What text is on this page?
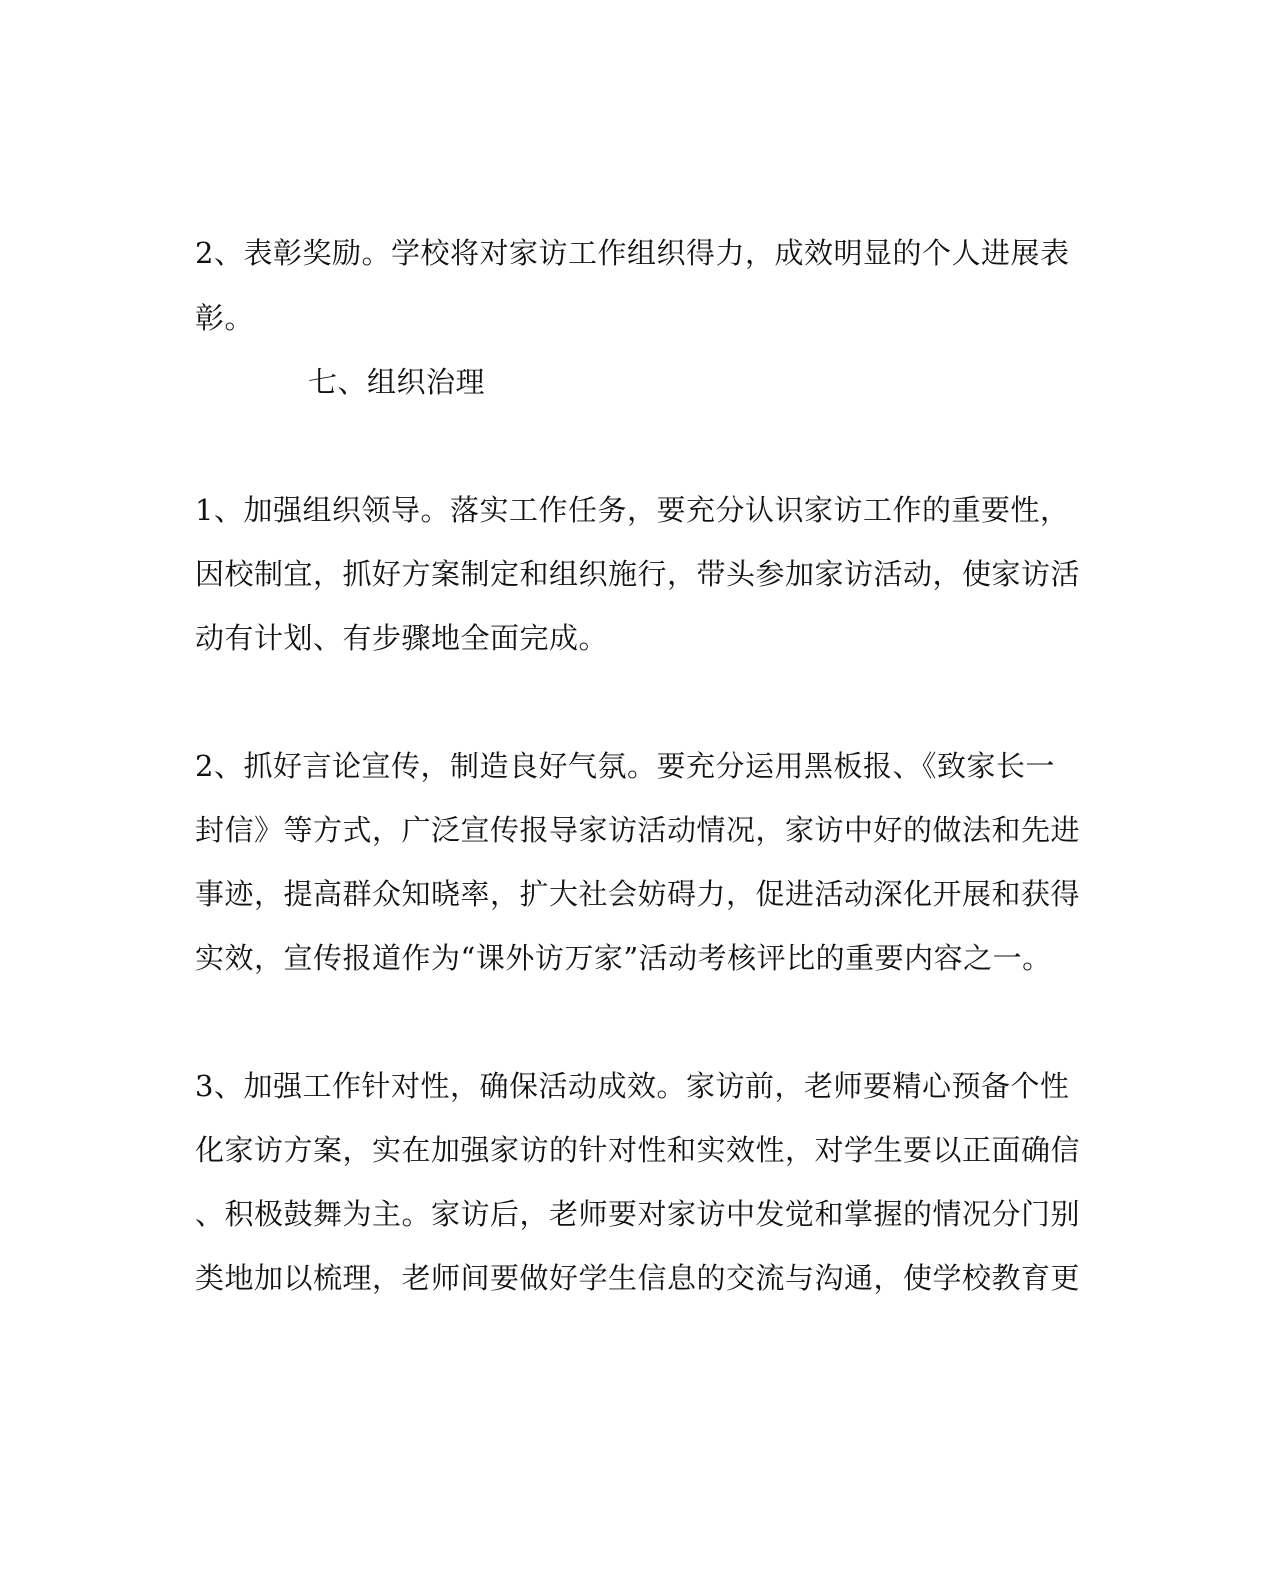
2、表彰奖励。学校将对家访工作组织得力，成效明显的个人进展表
彰。
七、组织治理
1、加强组织领导。落实工作任务，要充分认识家访工作的重要性，
因校制宜，抓好方案制定和组织施行，带头参加家访活动，使家访活
动有计划、有步骤地全面完成。
2、抓好言论宣传，制造良好气氛。要充分运用黑板报、《致家长一
封信》等方式，广泛宣传报导家访活动情况，家访中好的做法和先进
事迹，提高群众知晓率，扩大社会妨碍力，促进活动深化开展和获得
实效，宣传报道作为“课外访万家”活动考核评比的重要内容之一。
3、加强工作针对性，确保活动成效。家访前，老师要精心预备个性
化家访方案，实在加强家访的针对性和实效性，对学生要以正面确信
、积极鼓舞为主。家访后，老师要对家访中发觉和掌握的情况分门别
类地加以梳理，老师间要做好学生信息的交流与沟通，使学校教育更
